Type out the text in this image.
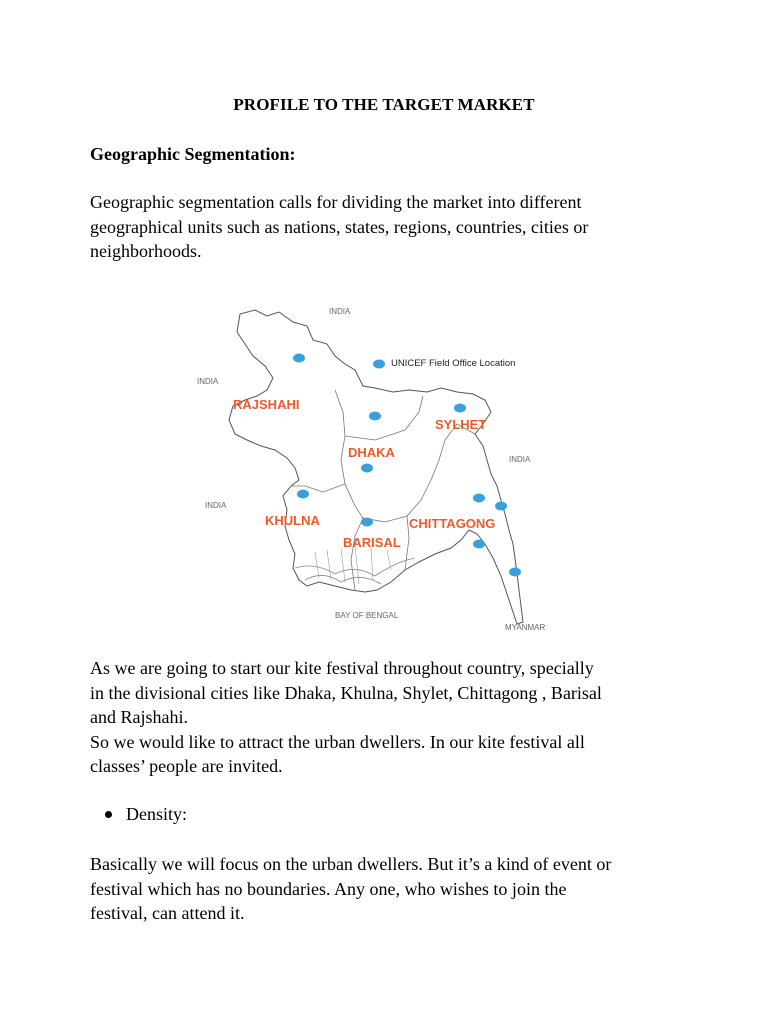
PROFILE TO THE TARGET MARKET
Geographic Segmentation:

Geographic segmentation calls for dividing the market into different
geographical units such as nations, states, regions, countries, cities or
neighborhoods.

INDIA
INDIA
INDIA
INDIA
BAY OF BENGAL
MYANMAR
UNICEF Field Office Location
RAJSHAHI
SYLHET
DHAKA
KHULNA	CHITTAGONG
BARISAL

As we are going to start our kite festival throughout country, specially
in the divisional cities like Dhaka, Khulna, Shylet, Chittagong , Barisal
and Rajshahi.
So we would like to attract the urban dwellers. In our kite festival all
classes’ people are invited.

Density:

Basically we will focus on the urban dwellers. But it’s a kind of event or
festival which has no boundaries. Any one, who wishes to join the
festival, can attend it.
